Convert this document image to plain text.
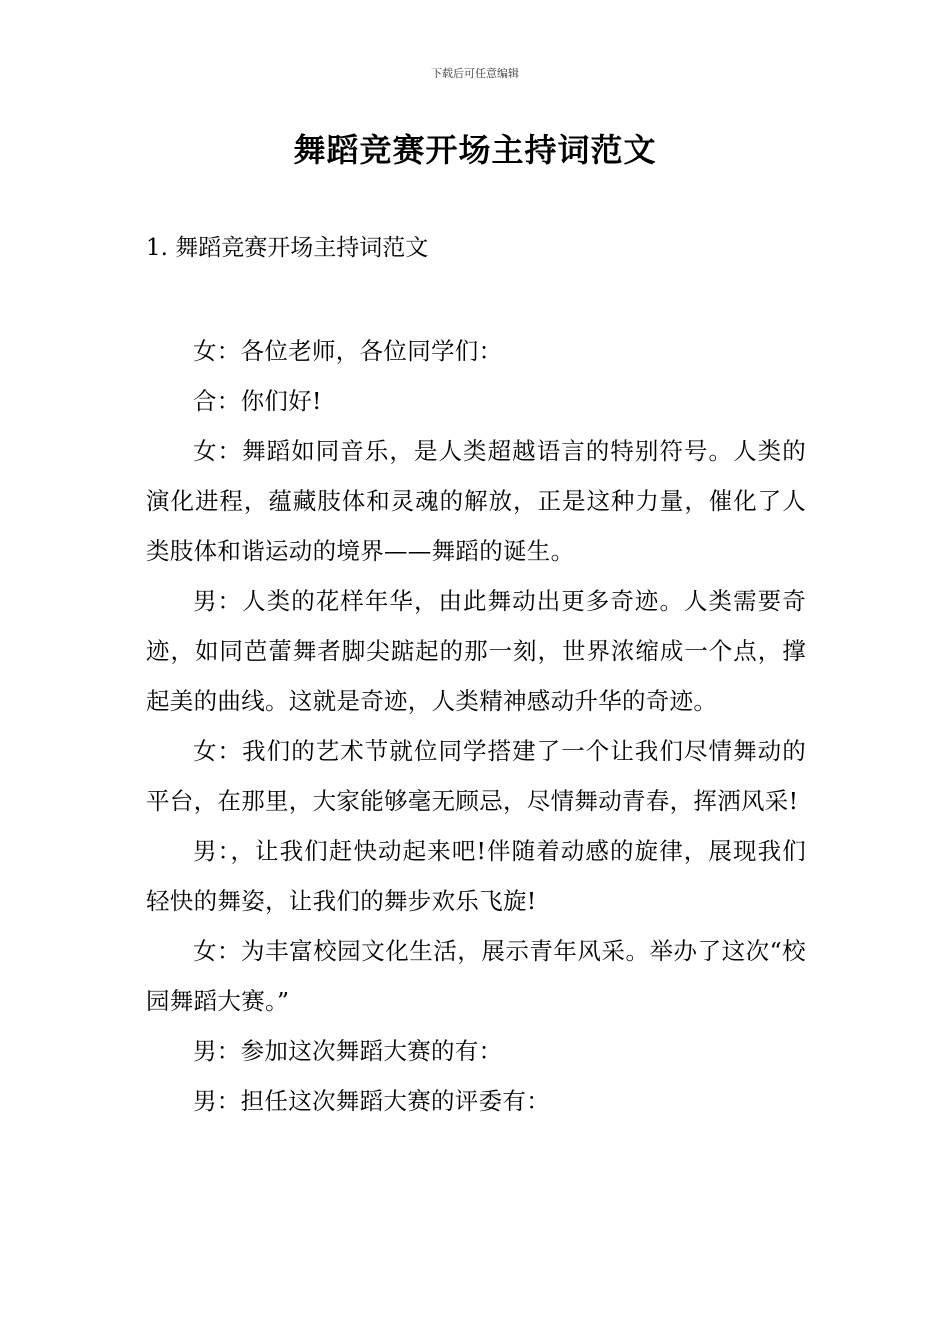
下载后可任意编辑
舞蹈竞赛开场主持词范文
1. 舞蹈竞赛开场主持词范文

女：各位老师，各位同学们：

合：你们好!

女：舞蹈如同音乐，是人类超越语言的特别符号。人类的演化进程，蕴藏肢体和灵魂的解放，正是这种力量，催化了人类肢体和谐运动的境界——舞蹈的诞生。

男：人类的花样年华，由此舞动出更多奇迹。人类需要奇迹，如同芭蕾舞者脚尖踮起的那一刻，世界浓缩成一个点，撑起美的曲线。这就是奇迹，人类精神感动升华的奇迹。

女：我们的艺术节就位同学搭建了一个让我们尽情舞动的平台，在那里，大家能够毫无顾忌，尽情舞动青春，挥洒风采!

男：，让我们赶快动起来吧!伴随着动感的旋律，展现我们轻快的舞姿，让我们的舞步欢乐飞旋!

女：为丰富校园文化生活，展示青年风采。举办了这次“校园舞蹈大赛。”

男：参加这次舞蹈大赛的有：

男：担任这次舞蹈大赛的评委有：
